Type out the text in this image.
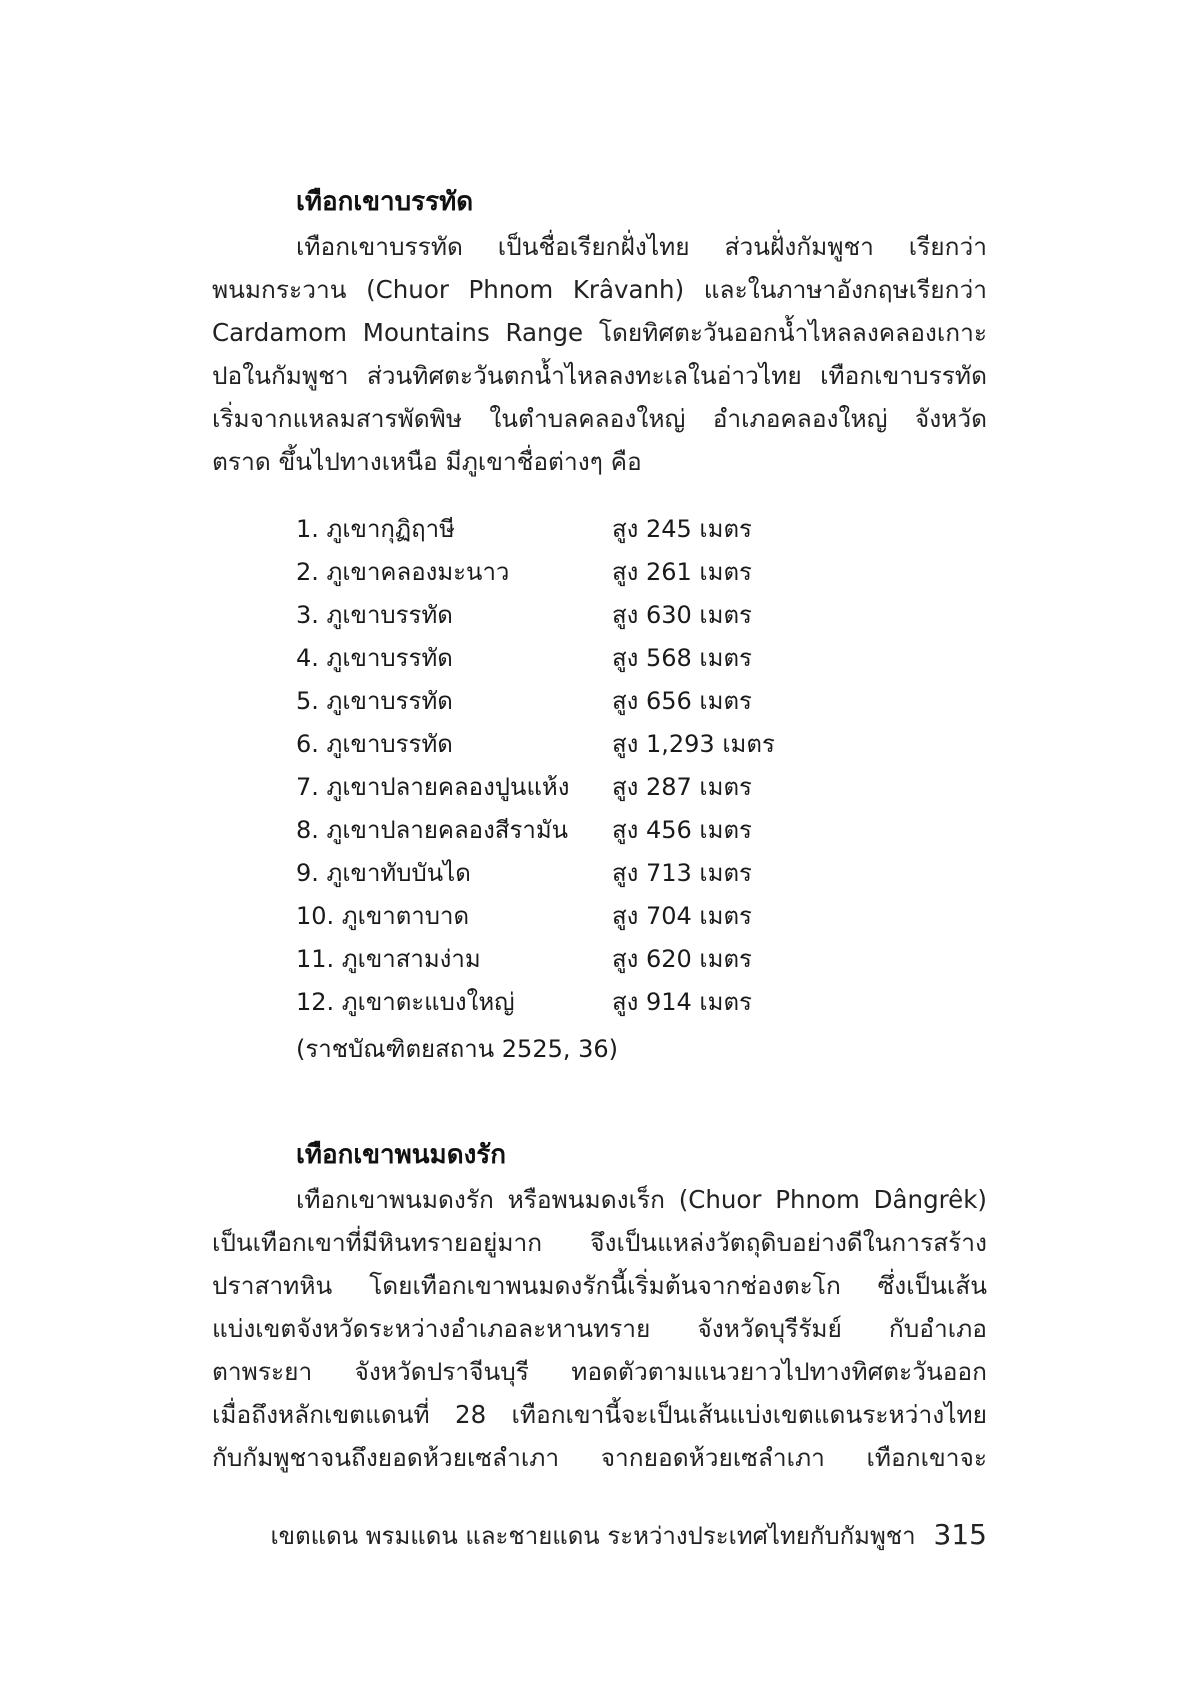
เทือกเขาบรรทัด

เทือกเขาบรรทัด เป็นชื่อเรียกฝั่งไทย ส่วนฝั่งกัมพูชา เรียกว่า
พนมกระวาน (Chuor Phnom Krâvanh) และในภาษาอังกฤษเรียกว่า
Cardamom Mountains Range โดยทิศตะวันออกน้ำไหลลงคลองเกาะ
ปอในกัมพูชา ส่วนทิศตะวันตกน้ำไหลลงทะเลในอ่าวไทย เทือกเขาบรรทัด
เริ่มจากแหลมสารพัดพิษ ในตำบลคลองใหญ่ อำเภอคลองใหญ่ จังหวัด
ตราด ขึ้นไปทางเหนือ มีภูเขาชื่อต่างๆ คือ

1. ภูเขากุฏิฤาษี	สูง 245 เมตร
2. ภูเขาคลองมะนาว	สูง 261 เมตร
3. ภูเขาบรรทัด	สูง 630 เมตร
4. ภูเขาบรรทัด	สูง 568 เมตร
5. ภูเขาบรรทัด	สูง 656 เมตร
6. ภูเขาบรรทัด	สูง 1,293 เมตร
7. ภูเขาปลายคลองปูนแห้ง สูง 287 เมตร
8. ภูเขาปลายคลองสีรามัน สูง 456 เมตร
9. ภูเขาทับบันได	สูง 713 เมตร
10. ภูเขาตาบาด	สูง 704 เมตร
11. ภูเขาสามง่าม	สูง 620 เมตร
12. ภูเขาตะแบงใหญ่	สูง 914 เมตร

(ราชบัณฑิตยสถาน 2525, 36)

เทือกเขาพนมดงรัก

เทือกเขาพนมดงรัก หรือพนมดงเร็ก (Chuor Phnom Dângrêk)
เป็นเทือกเขาที่มีหินทรายอยู่มาก จึงเป็นแหล่งวัตถุดิบอย่างดีในการสร้าง
ปราสาทหิน โดยเทือกเขาพนมดงรักนี้เริ่มต้นจากช่องตะโก ซึ่งเป็นเส้น
แบ่งเขตจังหวัดระหว่างอำเภอละหานทราย จังหวัดบุรีรัมย์ กับอำเภอ
ตาพระยา จังหวัดปราจีนบุรี ทอดตัวตามแนวยาวไปทางทิศตะวันออก
เมื่อถึงหลักเขตแดนที่ 28 เทือกเขานี้จะเป็นเส้นแบ่งเขตแดนระหว่างไทย
กับกัมพูชาจนถึงยอดห้วยเซลำเภา จากยอดห้วยเซลำเภา เทือกเขาจะ

เขตแดน พรมแดน และชายแดน ระหว่างประเทศไทยกับกัมพูชา 315
